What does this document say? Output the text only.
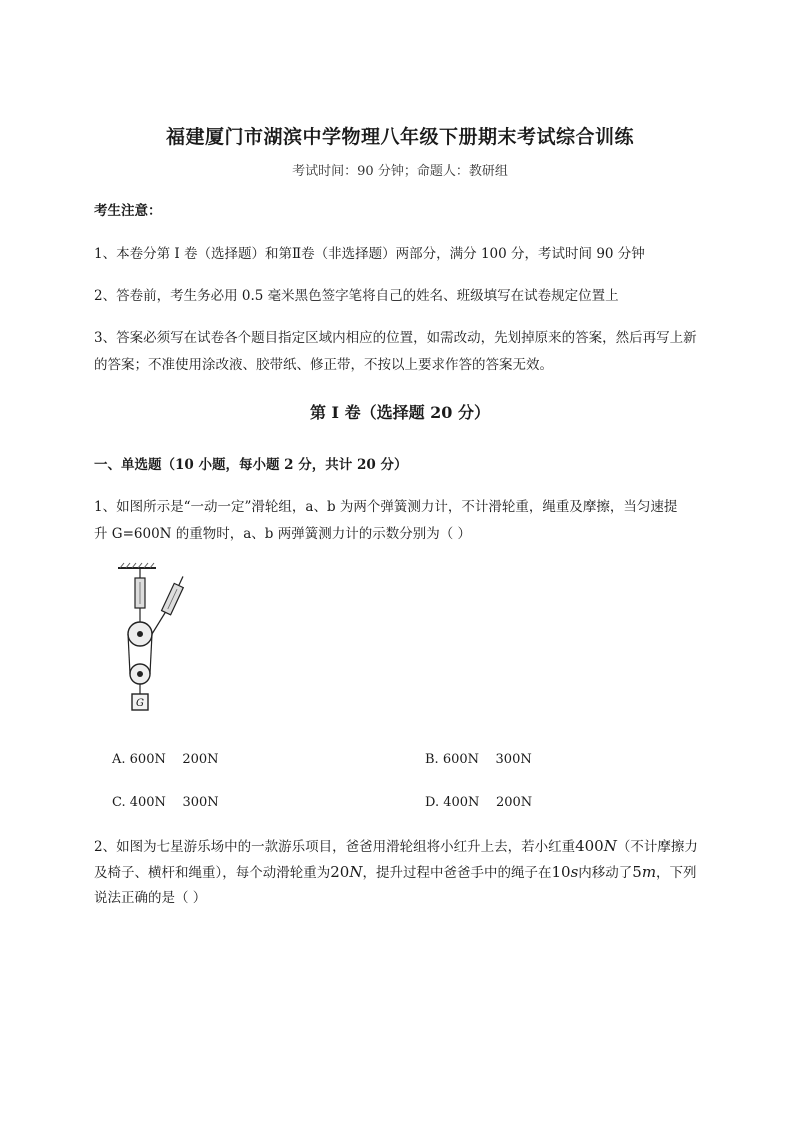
福建厦门市湖滨中学物理八年级下册期末考试综合训练
考试时间：90 分钟；命题人：教研组
考生注意：
1、本卷分第 I 卷（选择题）和第Ⅱ卷（非选择题）两部分，满分 100 分，考试时间 90 分钟
2、答卷前，考生务必用 0.5 毫米黑色签字笔将自己的姓名、班级填写在试卷规定位置上
3、答案必须写在试卷各个题目指定区域内相应的位置，如需改动，先划掉原来的答案，然后再写上新
的答案；不准使用涂改液、胶带纸、修正带，不按以上要求作答的答案无效。
第 I 卷（选择题 20 分）
一、单选题（10 小题，每小题 2 分，共计 20 分）
1、如图所示是“一动一定”滑轮组，a、b 为两个弹簧测力计，不计滑轮重，绳重及摩擦，当匀速提
升 G=600N 的重物时，a、b 两弹簧测力计的示数分别为（ ）
G
A. 600N    200N	B. 600N    300N
C. 400N    300N	D. 400N    200N
2、如图为七星游乐场中的一款游乐项目，爸爸用滑轮组将小红升上去，若小红重400N（不计摩擦力
及椅子、横杆和绳重），每个动滑轮重为20N，提升过程中爸爸手中的绳子在10s内移动了5m，下列
说法正确的是（ ）
